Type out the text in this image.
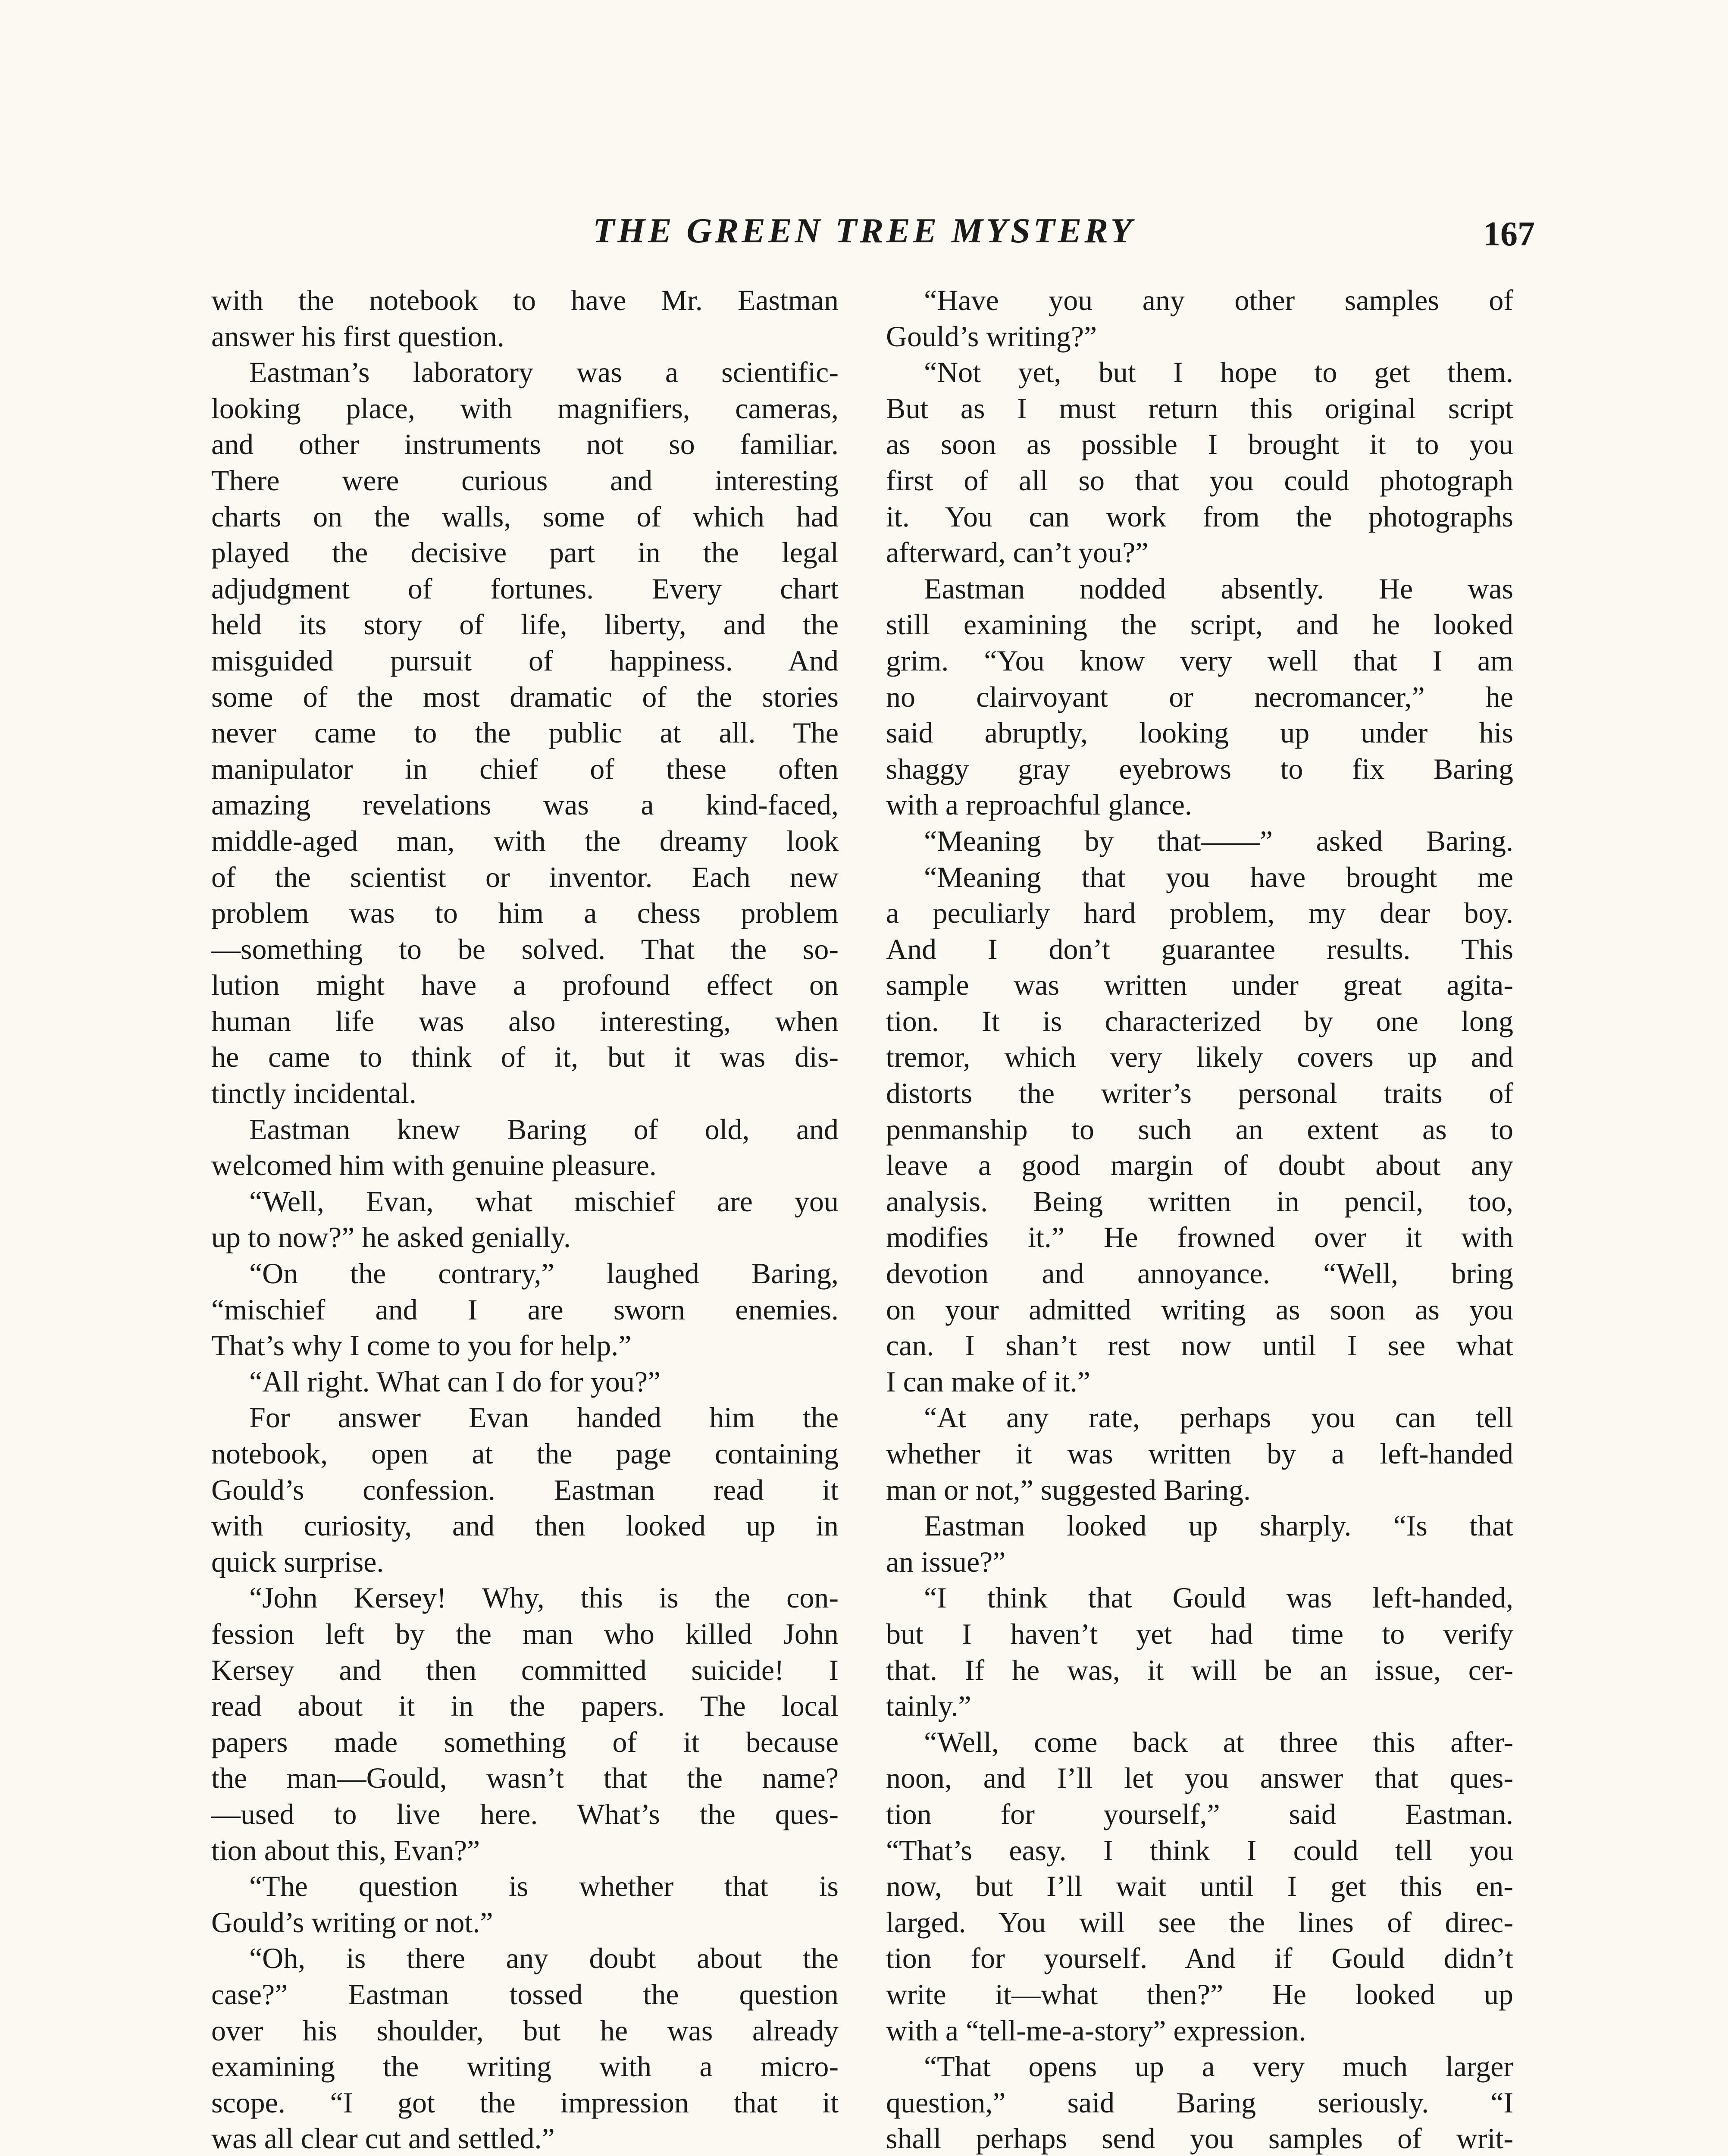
THE GREEN TREE MYSTERY	167
with the notebook to have Mr. Eastman
answer his first question.
Eastman’s laboratory was a scientific-
looking place, with magnifiers, cameras,
and other instruments not so familiar.
There were curious and interesting
charts on the walls, some of which had
played the decisive part in the legal
adjudgment of fortunes. Every chart
held its story of life, liberty, and the
misguided pursuit of happiness. And
some of the most dramatic of the stories
never came to the public at all. The
manipulator in chief of these often
amazing revelations was a kind-faced,
middle-aged man, with the dreamy look
of the scientist or inventor. Each new
problem was to him a chess problem
—something to be solved. That the so-
lution might have a profound effect on
human life was also interesting, when
he came to think of it, but it was dis-
tinctly incidental.
Eastman knew Baring of old, and
welcomed him with genuine pleasure.
“Well, Evan, what mischief are you
up to now?” he asked genially.
“On the contrary,” laughed Baring,
“mischief and I are sworn enemies.
That’s why I come to you for help.”
“All right. What can I do for you?”
For answer Evan handed him the
notebook, open at the page containing
Gould’s confession. Eastman read it
with curiosity, and then looked up in
quick surprise.
“John Kersey! Why, this is the con-
fession left by the man who killed John
Kersey and then committed suicide! I
read about it in the papers. The local
papers made something of it because
the man—Gould, wasn’t that the name?
—used to live here. What’s the ques-
tion about this, Evan?”
“The question is whether that is
Gould’s writing or not.”
“Oh, is there any doubt about the
case?” Eastman tossed the question
over his shoulder, but he was already
examining the writing with a micro-
scope. “I got the impression that it
was all clear cut and settled.”
“Have you any other samples of
Gould’s writing?”
“Not yet, but I hope to get them.
But as I must return this original script
as soon as possible I brought it to you
first of all so that you could photograph
it. You can work from the photographs
afterward, can’t you?”
Eastman nodded absently. He was
still examining the script, and he looked
grim. “You know very well that I am
no clairvoyant or necromancer,” he
said abruptly, looking up under his
shaggy gray eyebrows to fix Baring
with a reproachful glance.
“Meaning by that——” asked Baring.
“Meaning that you have brought me
a peculiarly hard problem, my dear boy.
And I don’t guarantee results. This
sample was written under great agita-
tion. It is characterized by one long
tremor, which very likely covers up and
distorts the writer’s personal traits of
penmanship to such an extent as to
leave a good margin of doubt about any
analysis. Being written in pencil, too,
modifies it.” He frowned over it with
devotion and annoyance. “Well, bring
on your admitted writing as soon as you
can. I shan’t rest now until I see what
I can make of it.”
“At any rate, perhaps you can tell
whether it was written by a left-handed
man or not,” suggested Baring.
Eastman looked up sharply. “Is that
an issue?”
“I think that Gould was left-handed,
but I haven’t yet had time to verify
that. If he was, it will be an issue, cer-
tainly.”
“Well, come back at three this after-
noon, and I’ll let you answer that ques-
tion for yourself,” said Eastman.
“That’s easy. I think I could tell you
now, but I’ll wait until I get this en-
larged. You will see the lines of direc-
tion for yourself. And if Gould didn’t
write it—what then?” He looked up
with a “tell-me-a-story” expression.
“That opens up a very much larger
question,” said Baring seriously. “I
shall perhaps send you samples of writ-
